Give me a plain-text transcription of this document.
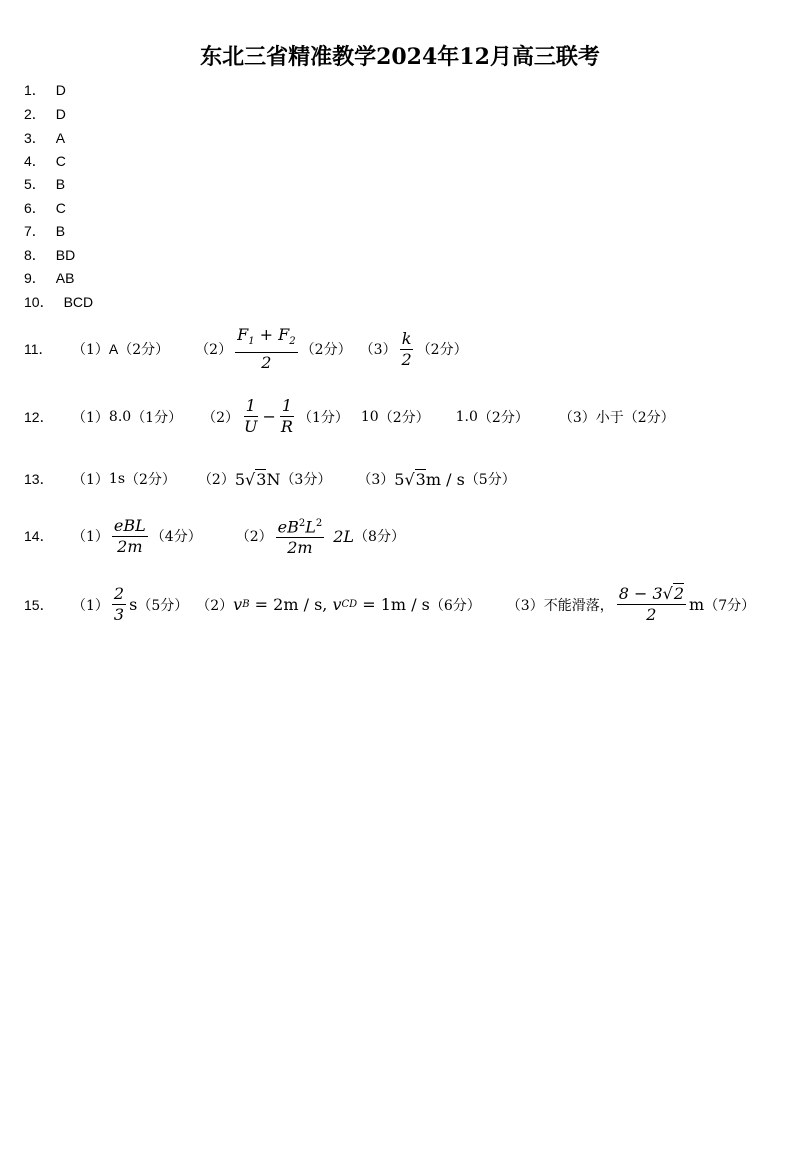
东北三省精准教学2024年12月高三联考
1． D
2． D
3． A
4． C
5． B
6． C
7． B
8． BD
9． AB
10． BCD
11．	（1） A （2分） $(2) \frac{F_1 + F_2}{2} (2$分） $(3) \frac{k}{2} (2$分）
12．	（1） 8.0 （1分） $(2) \frac{1}{U} - \frac{1}{R} (1$分） 10 （2分） 1.0 （2分） （3） 小于 （2分）
13．	（1） 1s （2分） （2） 5 √ 3 N （3分） （3） 5 √ 3 m / s （5分）
14．	$(1) \frac{\text{eBL}}{2m} (4$分） $(2) \frac{eB^2L^2}{2m} 2L$ （8分）
15．	$(1) \frac{2}{3}$ s （5分） （2） v B = 2m / s, v CD = 1m / s （6分） （3） 不能滑落， $\frac{8 - 3√2}{2}$ m （7分）
